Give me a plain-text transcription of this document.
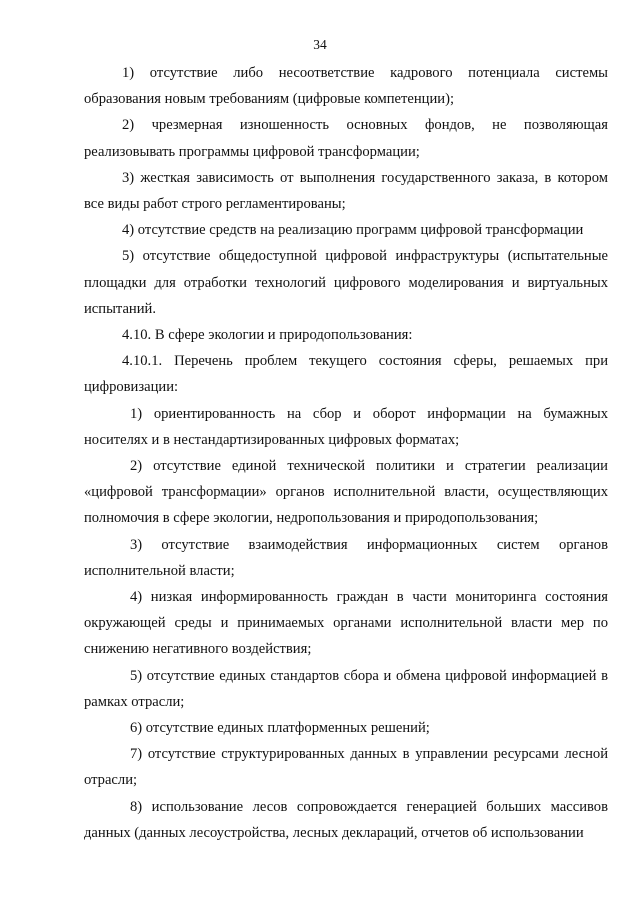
34

1) отсутствие либо несоответствие кадрового потенциала системы образования новым требованиям (цифровые компетенции);

2) чрезмерная изношенность основных фондов, не позволяющая реализовывать программы цифровой трансформации;

3) жесткая зависимость от выполнения государственного заказа, в котором все виды работ строго регламентированы;

4) отсутствие средств на реализацию программ цифровой трансформации

5) отсутствие общедоступной цифровой инфраструктуры (испытательные площадки для отработки технологий цифрового моделирования и виртуальных испытаний.

4.10. В сфере экологии и природопользования:

4.10.1. Перечень проблем текущего состояния сферы, решаемых при цифровизации:

1) ориентированность на сбор и оборот информации на бумажных носителях и в нестандартизированных цифровых форматах;

2) отсутствие единой технической политики и стратегии реализации «цифровой трансформации» органов исполнительной власти, осуществляющих полномочия в сфере экологии, недропользования и природопользования;

3) отсутствие взаимодействия информационных систем органов исполнительной власти;

4) низкая информированность граждан в части мониторинга состояния окружающей среды и принимаемых органами исполнительной власти мер по снижению негативного воздействия;

5) отсутствие единых стандартов сбора и обмена цифровой информацией в рамках отрасли;

6) отсутствие единых платформенных решений;

7) отсутствие структурированных данных в управлении ресурсами лесной отрасли;

8) использование лесов сопровождается генерацией больших массивов данных (данных лесоустройства, лесных деклараций, отчетов об использовании
